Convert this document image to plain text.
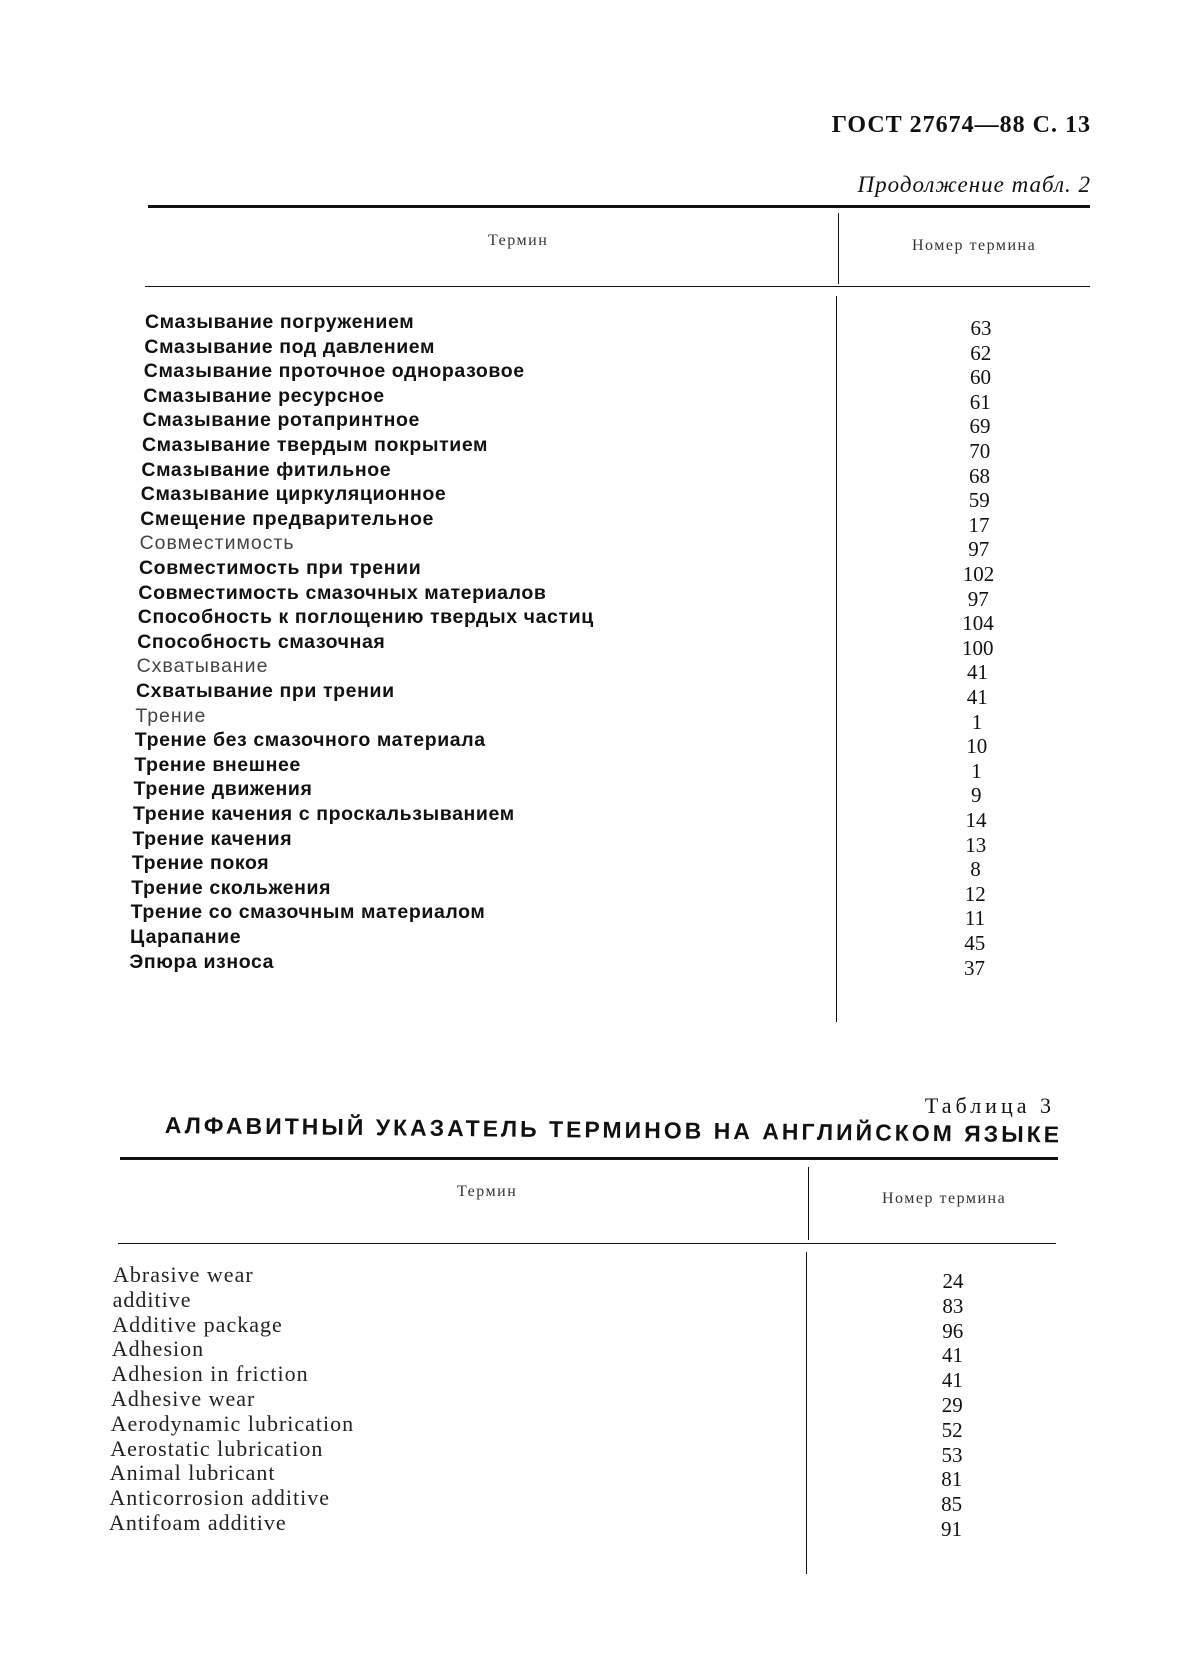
ГОСТ 27674—88 С. 13
Продолжение табл. 2
Термин	Номер термина
Смазывание погружением	63
Смазывание под давлением	62
Смазывание проточное одноразовое	60
Смазывание ресурсное	61
Смазывание ротапринтное	69
Смазывание твердым покрытием	70
Смазывание фитильное	68
Смазывание циркуляционное	59
Смещение предварительное	17
Совместимость	97
Совместимость при трении	102
Совместимость смазочных материалов	97
Способность к поглощению твердых частиц	104
Способность смазочная	100
Схватывание	41
Схватывание при трении	41
Трение	1
Трение без смазочного материала	10
Трение внешнее	1
Трение движения	9
Трение качения с проскальзыванием	14
Трение качения	13
Трение покоя	8
Трение скольжения	12
Трение со смазочным материалом	11
Царапание	45
Эпюра износа	37
Таблица 3
АЛФАВИТНЫЙ УКАЗАТЕЛЬ ТЕРМИНОВ НА АНГЛИЙСКОМ ЯЗЫКЕ
Термин	Номер термина
Abrasive wear	24
additive	83
Additive package	96
Adhesion	41
Adhesion in friction	41
Adhesive wear	29
Aerodynamic lubrication	52
Aerostatic lubrication	53
Animal lubricant	81
Anticorrosion additive	85
Antifoam additive	91
